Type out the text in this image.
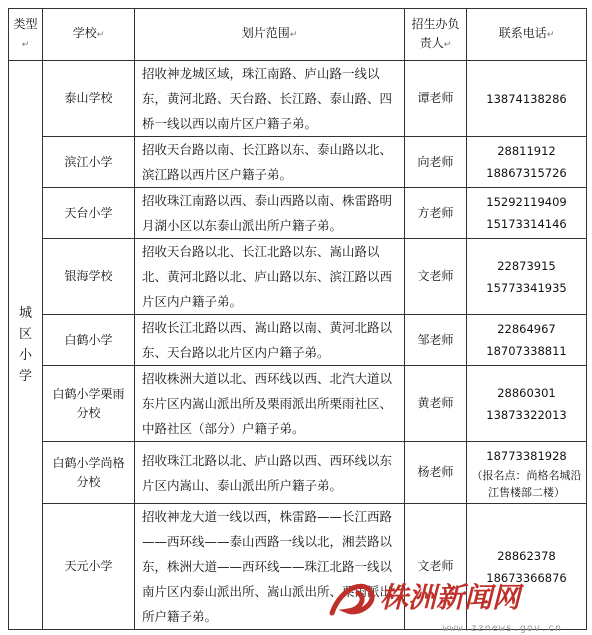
类型↵	学校↵	划片范围↵	招生办负责人↵	联系电话↵
城区小学	泰山学校	招收神龙城区域，珠江南路、庐山路一线以东，黄河北路、天台路、长江路、泰山路、四桥一线以西以南片区户籍子弟。	谭老师	13874138286

	滨江小学	招收天台路以南、长江路以东、泰山路以北、滨江路以西片区户籍子弟。	向老师	28811912
18867315726

	天台小学	招收珠江南路以西、泰山西路以南、株雷路明月湖小区以东泰山派出所户籍子弟。	方老师	15292119409
15173314146

	银海学校	招收天台路以北、长江北路以东、嵩山路以北、黄河北路以北、庐山路以东、滨江路以西片区内户籍子弟。	文老师	22873915
15773341935

	白鹤小学	招收长江北路以西、嵩山路以南、黄河北路以东、天台路以北片区内户籍子弟。	邹老师	22864967
18707338811

	白鹤小学栗雨分校	招收株洲大道以北、西环线以西、北汽大道以东片区内嵩山派出所及栗雨派出所栗雨社区、中路社区（部分）户籍子弟。	黄老师	28860301
13873322013

	白鹤小学尚格分校	招收珠江北路以北、庐山路以西、西环线以东片区内嵩山、泰山派出所户籍子弟。	杨老师	18773381928
（报名点：尚格名城沿江售楼部二楼）

	天元小学	招收神龙大道一线以西，株雷路——长江西路——西环线——泰山西路一线以北，湘芸路以东，株洲大道——西环线——珠江北路一线以南片区内泰山派出所、嵩山派出所、栗雨派出所户籍子弟。	文老师	28862378
18673366876
株洲新闻网
www.zznews.gov.cn
